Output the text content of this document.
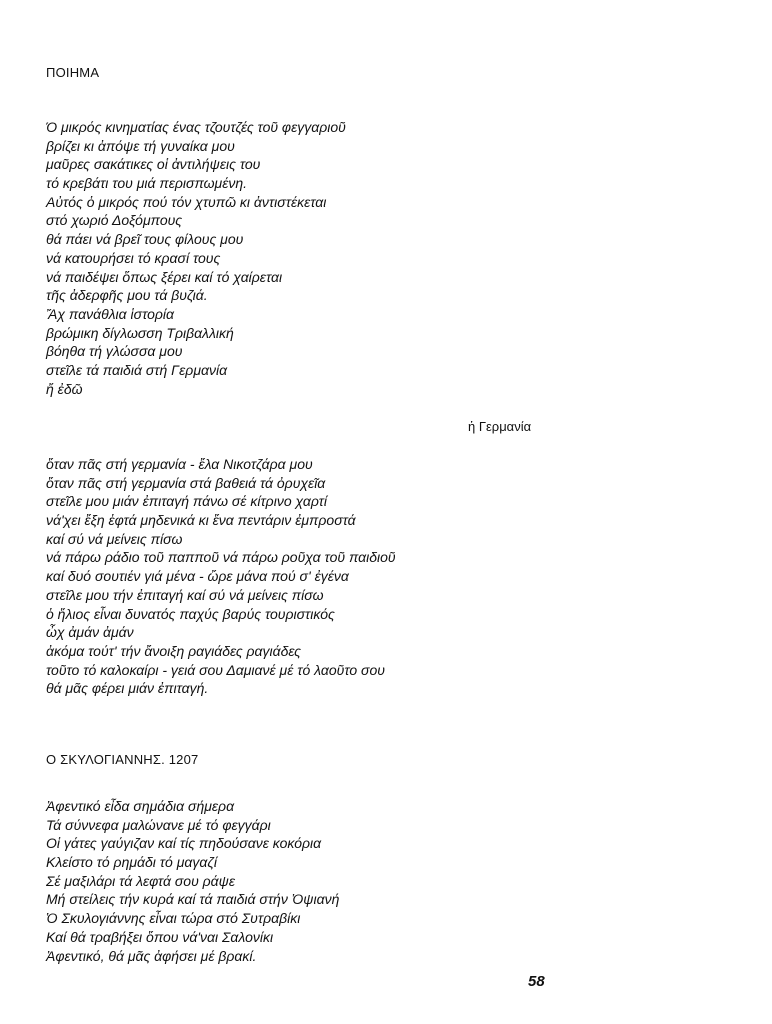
ΠΟΙΗΜΑ
Ό μικρός κινηματίας ένας τζουτζές τοῦ φεγγαριοῦ
βρίζει κι ἀπόψε τή γυναίκα μου
μαῦρες σακάτικες οἱ ἀντιλήψεις του
τό κρεβάτι του μιά περισπωμένη.
Αὐτός ὁ μικρός πού τόν χτυπῶ κι ἀντιστέκεται
στό χωριό Δοξόμπους
θά πάει νά βρεῖ τους φίλους μου
νά κατουρήσει τό κρασί τους
νά παιδέψει ὅπως ξέρει καί τό χαίρεται
τῆς ἀδερφῆς μου τά βυζιά.
Ἄχ πανάθλια ἱστορία
βρώμικη δίγλωσση Τριβαλλική
βόηθα τή γλώσσα μου
στεῖλε τά παιδιά στή Γερμανία
ἤ ἐδῶ
ἡ Γερμανία
ὅταν πᾶς στή γερμανία - ἔλα Νικοτζάρα μου
ὅταν πᾶς στή γερμανία στά βαθειά τά ὀρυχεῖα
στεῖλε μου μιάν ἐπιταγή πάνω σέ κίτρινο χαρτί
νά'χει ἔξη ἑφτά μηδενικά κι ἕνα πεντάριν ἐμπροστά
καί σύ νά μείνεις πίσω
νά πάρω ράδιο τοῦ παπποῦ νά πάρω ροῦχα τοῦ παιδιοῦ
καί δυό σουτιέν γιά μένα - ὤρε μάνα πού σ' ἐγένα
στεῖλε μου τήν ἐπιταγή καί σύ νά μείνεις πίσω
ὁ ἥλιος εἶναι δυνατός παχύς βαρύς τουριστικός
ὦχ ἀμάν ἀμάν
ἀκόμα τούτ' τήν ἄνοιξη ραγιάδες ραγιάδες
τοῦτο τό καλοκαίρι - γειά σου Δαμιανέ μέ τό λαοῦτο σου
θά μᾶς φέρει μιάν ἐπιταγή.
Ο ΣΚΥΛΟΓΙΑΝΝΗΣ. 1207
Ἀφεντικό εἶδα σημάδια σήμερα
Τά σύννεφα μαλώνανε μέ τό φεγγάρι
Οἱ γάτες γαύγιζαν καί τίς πηδούσανε κοκόρια
Κλείστο τό ρημάδι τό μαγαζί
Σέ μαξιλάρι τά λεφτά σου ράψε
Μή στείλεις τήν κυρά καί τά παιδιά στήν Ὀψιανή
Ὁ Σκυλογιάννης εἶναι τώρα στό Συτραβίκι
Καί θά τραβήξει ὅπου νά'ναι Σαλονίκι
Ἀφεντικό, θά μᾶς ἀφήσει μέ βρακί.
58
